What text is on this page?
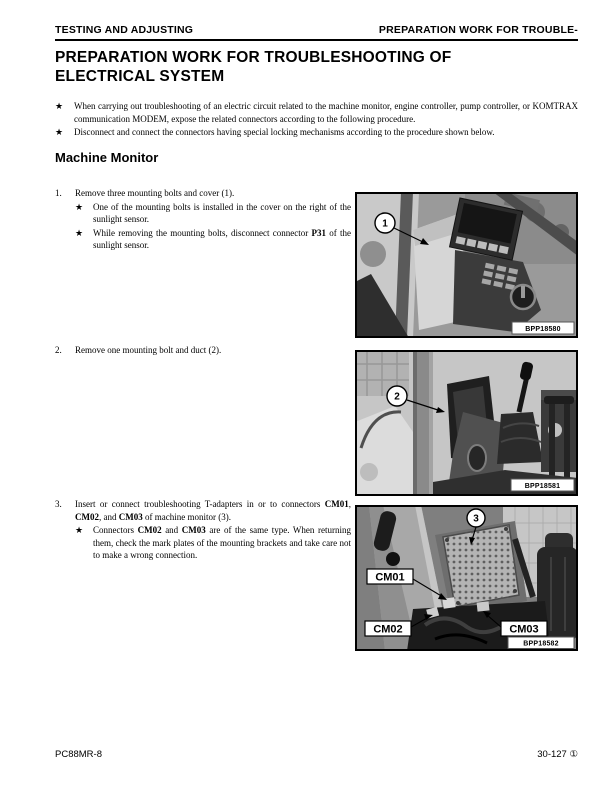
TESTING AND ADJUSTING	PREPARATION WORK FOR TROUBLE-
PREPARATION WORK FOR TROUBLESHOOTING OF
ELECTRICAL SYSTEM
★	When carrying out troubleshooting of an electric circuit related to the machine monitor, engine controller, pump controller, or KOMTRAX communication MODEM, expose the related connectors according to the following procedure.

★	Disconnect and connect the connectors having special locking mechanisms according to the procedure shown below.

Machine Monitor
1.	Remove three mounting bolts and cover (1).

★	One of the mounting bolts is installed in the cover on the right of the sunlight sensor.

★	While removing the mounting bolts, disconnect connector P31 of the sunlight sensor.

2.	Remove one mounting bolt and duct (2).

3.	Insert or connect troubleshooting T-adapters in or to connectors CM01, CM02, and CM03 of machine monitor (3).

★	Connectors CM02 and CM03 are of the same type. When returning them, check the mark plates of the mounting brackets and take care not to make a wrong connection.

1
BPP18580
2
BPP18581
3
CM01
CM02	CM03
BPP18582
PC88MR-8	30-127 ①
